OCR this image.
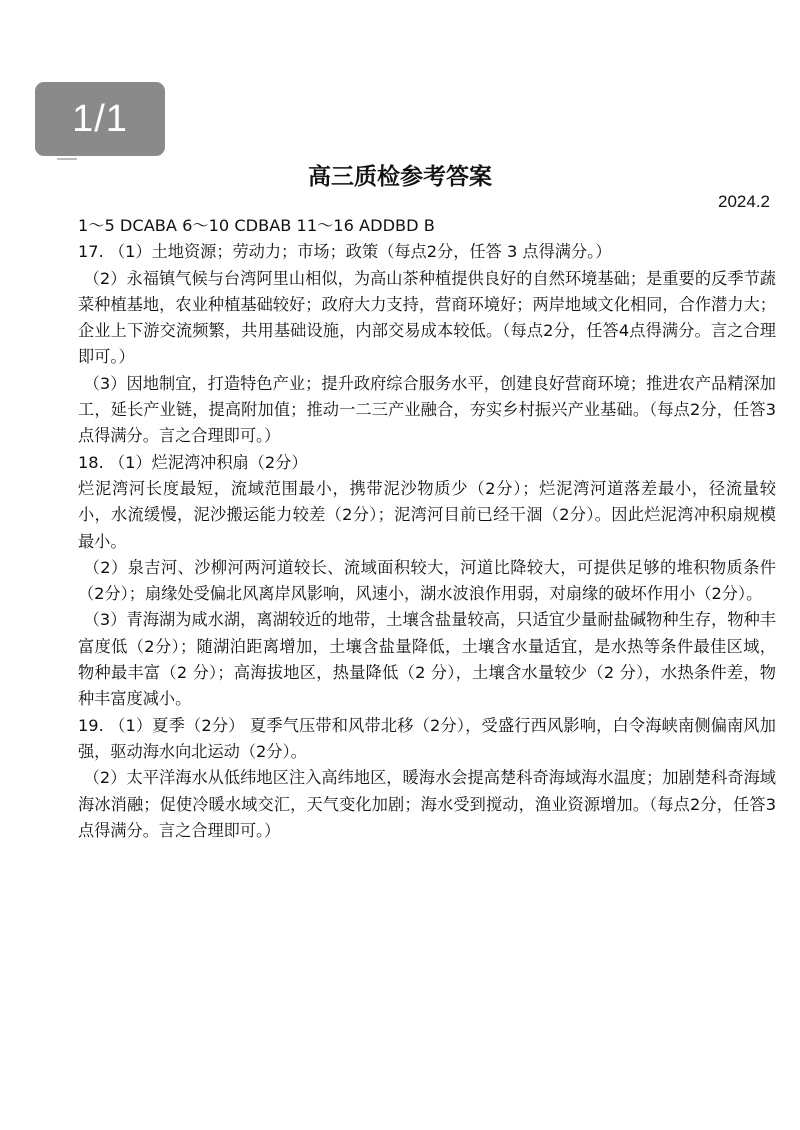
1/1
高三质检参考答案
2024.2

1～5 DCABA 6～10 CDBAB 11～16 ADDBD B

17. （1）土地资源；劳动力；市场；政策（每点2分，任答 3 点得满分。）

（2）永福镇气候与台湾阿里山相似，为高山茶种植提供良好的自然环境基础；是重要的反季节蔬菜种植基地，农业种植基础较好；政府大力支持，营商环境好；两岸地域文化相同，合作潜力大；企业上下游交流频繁，共用基础设施，内部交易成本较低。（每点2分，任答4点得满分。言之合理即可。）

（3）因地制宜，打造特色产业；提升政府综合服务水平，创建良好营商环境；推进农产品精深加工，延长产业链，提高附加值；推动一二三产业融合，夯实乡村振兴产业基础。（每点2分，任答3点得满分。言之合理即可。）

18. （1）烂泥湾冲积扇（2分）

烂泥湾河长度最短，流域范围最小，携带泥沙物质少（2分）；烂泥湾河道落差最小，径流量较小，水流缓慢，泥沙搬运能力较差（2分）；泥湾河目前已经干涸（2分）。因此烂泥湾冲积扇规模最小。

（2）泉吉河、沙柳河两河道较长、流域面积较大，河道比降较大，可提供足够的堆积物质条件（2分）；扇缘处受偏北风离岸风影响，风速小，湖水波浪作用弱，对扇缘的破坏作用小（2分）。

（3）青海湖为咸水湖，离湖较近的地带，土壤含盐量较高，只适宜少量耐盐碱物种生存，物种丰富度低（2分）；随湖泊距离增加，土壤含盐量降低，土壤含水量适宜，是水热等条件最佳区域，物种最丰富（2 分）；高海拔地区，热量降低（2 分），土壤含水量较少（2 分），水热条件差，物种丰富度减小。

19. （1）夏季（2分） 夏季气压带和风带北移（2分），受盛行西风影响，白令海峡南侧偏南风加强，驱动海水向北运动（2分）。

（2）太平洋海水从低纬地区注入高纬地区，暖海水会提高楚科奇海域海水温度；加剧楚科奇海域海冰消融；促使冷暖水域交汇，天气变化加剧；海水受到搅动，渔业资源增加。（每点2分，任答3点得满分。言之合理即可。）
